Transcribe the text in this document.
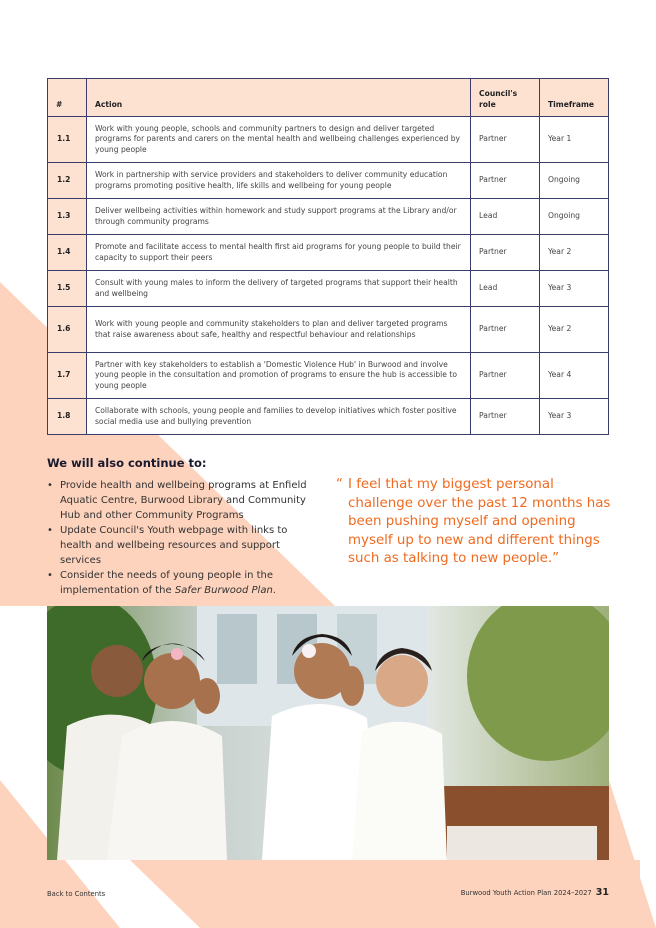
#	Action	Council's role	Timeframe
1.1	Work with young people, schools and community partners to design and deliver targeted programs for parents and carers on the mental health and wellbeing challenges experienced by young people	Partner	Year 1
1.2	Work in partnership with service providers and stakeholders to deliver community education programs promoting positive health, life skills and wellbeing for young people	Partner	Ongoing
1.3	Deliver wellbeing activities within homework and study support programs at the Library and/or through community programs	Lead	Ongoing
1.4	Promote and facilitate access to mental health first aid programs for young people to build their capacity to support their peers	Partner	Year 2
1.5	Consult with young males to inform the delivery of targeted programs that support their health and wellbeing	Lead	Year 3
1.6	Work with young people and community stakeholders to plan and deliver targeted programs that raise awareness about safe, healthy and respectful behaviour and relationships	Partner	Year 2
1.7	Partner with key stakeholders to establish a 'Domestic Violence Hub' in Burwood and involve young people in the consultation and promotion of programs to ensure the hub is accessible to young people	Partner	Year 4
1.8	Collaborate with schools, young people and families to develop initiatives which foster positive social media use and bullying prevention	Partner	Year 3
We will also continue to:
• Provide health and wellbeing programs at Enfield Aquatic Centre, Burwood Library and Community Hub and other Community Programs
• Update Council's Youth webpage with links to health and wellbeing resources and support services
• Consider the needs of young people in the implementation of the Safer Burwood Plan.
“ I feel that my biggest personal challenge over the past 12 months has been pushing myself and opening myself up to new and different things such as talking to new people.”
Back to Contents	Burwood Youth Action Plan 2024–2027 31
